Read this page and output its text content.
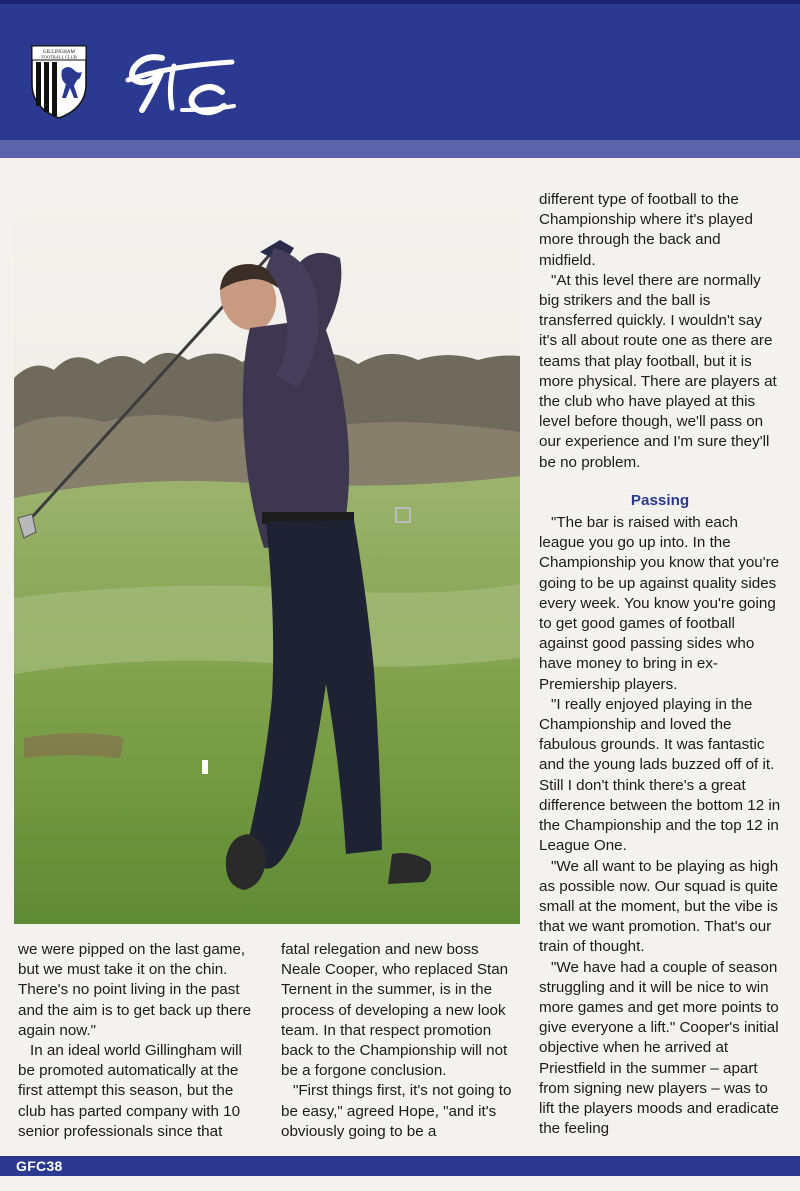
GILLINGHAM
FOOTBALL CLUB

we were pipped on the last game, but we must take it on the chin. There's no point living in the past and the aim is to get back up there again now."

In an ideal world Gillingham will be promoted automatically at the first attempt this season, but the club has parted company with 10 senior professionals since that

fatal relegation and new boss Neale Cooper, who replaced Stan Ternent in the summer, is in the process of developing a new look team. In that respect promotion back to the Championship will not be a forgone conclusion.

"First things first, it's not going to be easy," agreed Hope, "and it's obviously going to be a

different type of football to the Championship where it's played more through the back and midfield.

"At this level there are normally big strikers and the ball is transferred quickly. I wouldn't say it's all about route one as there are teams that play football, but it is more physical. There are players at the club who have played at this level before though, we'll pass on our experience and I'm sure they'll be no problem.

Passing

"The bar is raised with each league you go up into. In the Championship you know that you're going to be up against quality sides every week. You know you're going to get good games of football against good passing sides who have money to bring in ex-Premiership players.

"I really enjoyed playing in the Championship and loved the fabulous grounds. It was fantastic and the young lads buzzed off of it. Still I don't think there's a great difference between the bottom 12 in the Championship and the top 12 in League One.

"We all want to be playing as high as possible now. Our squad is quite small at the moment, but the vibe is that we want promotion. That's our train of thought.

"We have had a couple of season struggling and it will be nice to win more games and get more points to give everyone a lift." Cooper's initial objective when he arrived at Priestfield in the summer – apart from signing new players – was to lift the players moods and eradicate the feeling

GFC38
